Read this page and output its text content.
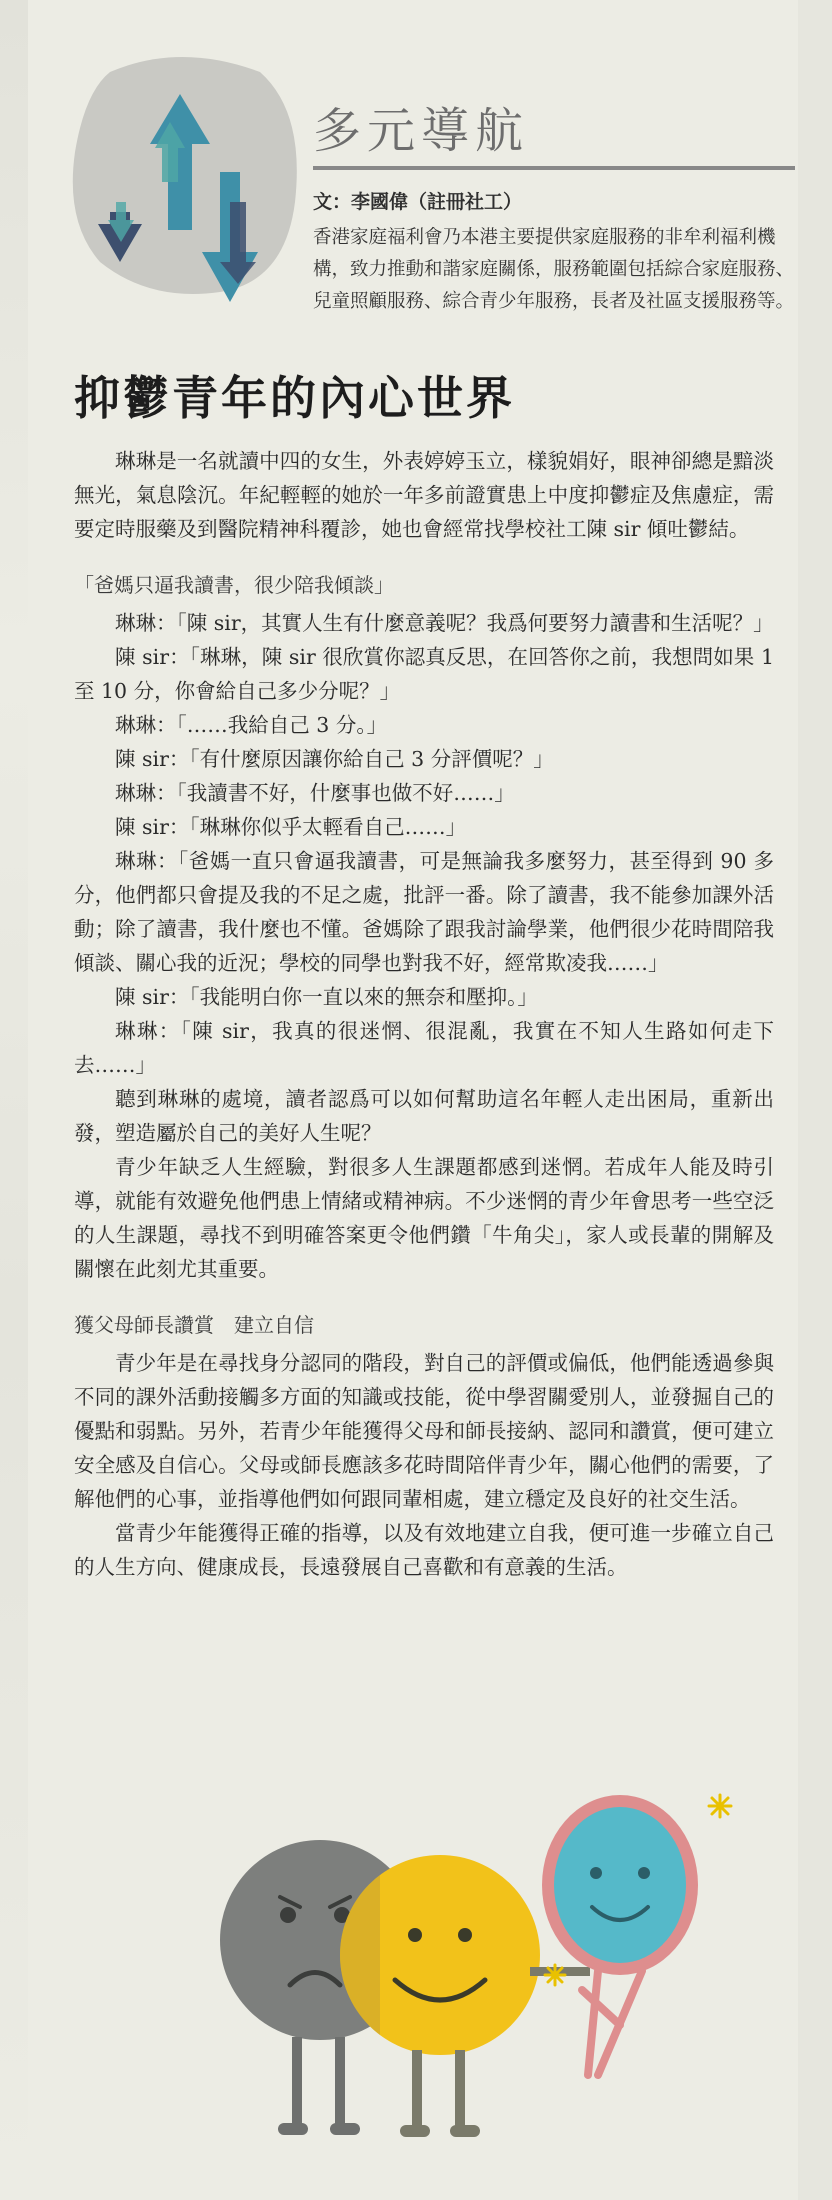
多元導航
文：李國偉（註冊社工）

香港家庭福利會乃本港主要提供家庭服務的非牟利福利機構，致力推動和諧家庭關係，服務範圍包括綜合家庭服務、兒童照顧服務、綜合青少年服務，長者及社區支援服務等。

抑鬱青年的內心世界

琳琳是一名就讀中四的女生，外表婷婷玉立，樣貌娟好，眼神卻總是黯淡無光，氣息陰沉。年紀輕輕的她於一年多前證實患上中度抑鬱症及焦慮症，需要定時服藥及到醫院精神科覆診，她也會經常找學校社工陳 sir 傾吐鬱結。

「爸媽只逼我讀書，很少陪我傾談」

琳琳：「陳 sir，其實人生有什麼意義呢？我爲何要努力讀書和生活呢？」

陳 sir：「琳琳，陳 sir 很欣賞你認真反思，在回答你之前，我想問如果 1 至 10 分，你會給自己多少分呢？」

琳琳：「……我給自己 3 分。」

陳 sir：「有什麼原因讓你給自己 3 分評價呢？」

琳琳：「我讀書不好，什麼事也做不好……」

陳 sir：「琳琳你似乎太輕看自己……」

琳琳：「爸媽一直只會逼我讀書，可是無論我多麼努力，甚至得到 90 多分，他們都只會提及我的不足之處，批評一番。除了讀書，我不能參加課外活動；除了讀書，我什麼也不懂。爸媽除了跟我討論學業，他們很少花時間陪我傾談、關心我的近況；學校的同學也對我不好，經常欺凌我……」

陳 sir：「我能明白你一直以來的無奈和壓抑。」

琳琳：「陳 sir，我真的很迷惘、很混亂，我實在不知人生路如何走下去……」

聽到琳琳的處境，讀者認爲可以如何幫助這名年輕人走出困局，重新出發，塑造屬於自己的美好人生呢？

青少年缺乏人生經驗，對很多人生課題都感到迷惘。若成年人能及時引導，就能有效避免他們患上情緒或精神病。不少迷惘的青少年會思考一些空泛的人生課題，尋找不到明確答案更令他們鑽「牛角尖」，家人或長輩的開解及關懷在此刻尤其重要。

獲父母師長讚賞　建立自信

青少年是在尋找身分認同的階段，對自己的評價或偏低，他們能透過參與不同的課外活動接觸多方面的知識或技能，從中學習關愛別人，並發掘自己的優點和弱點。另外，若青少年能獲得父母和師長接納、認同和讚賞，便可建立安全感及自信心。父母或師長應該多花時間陪伴青少年，關心他們的需要，了解他們的心事，並指導他們如何跟同輩相處，建立穩定及良好的社交生活。

當青少年能獲得正確的指導，以及有效地建立自我，便可進一步確立自己的人生方向、健康成長，長遠發展自己喜歡和有意義的生活。
